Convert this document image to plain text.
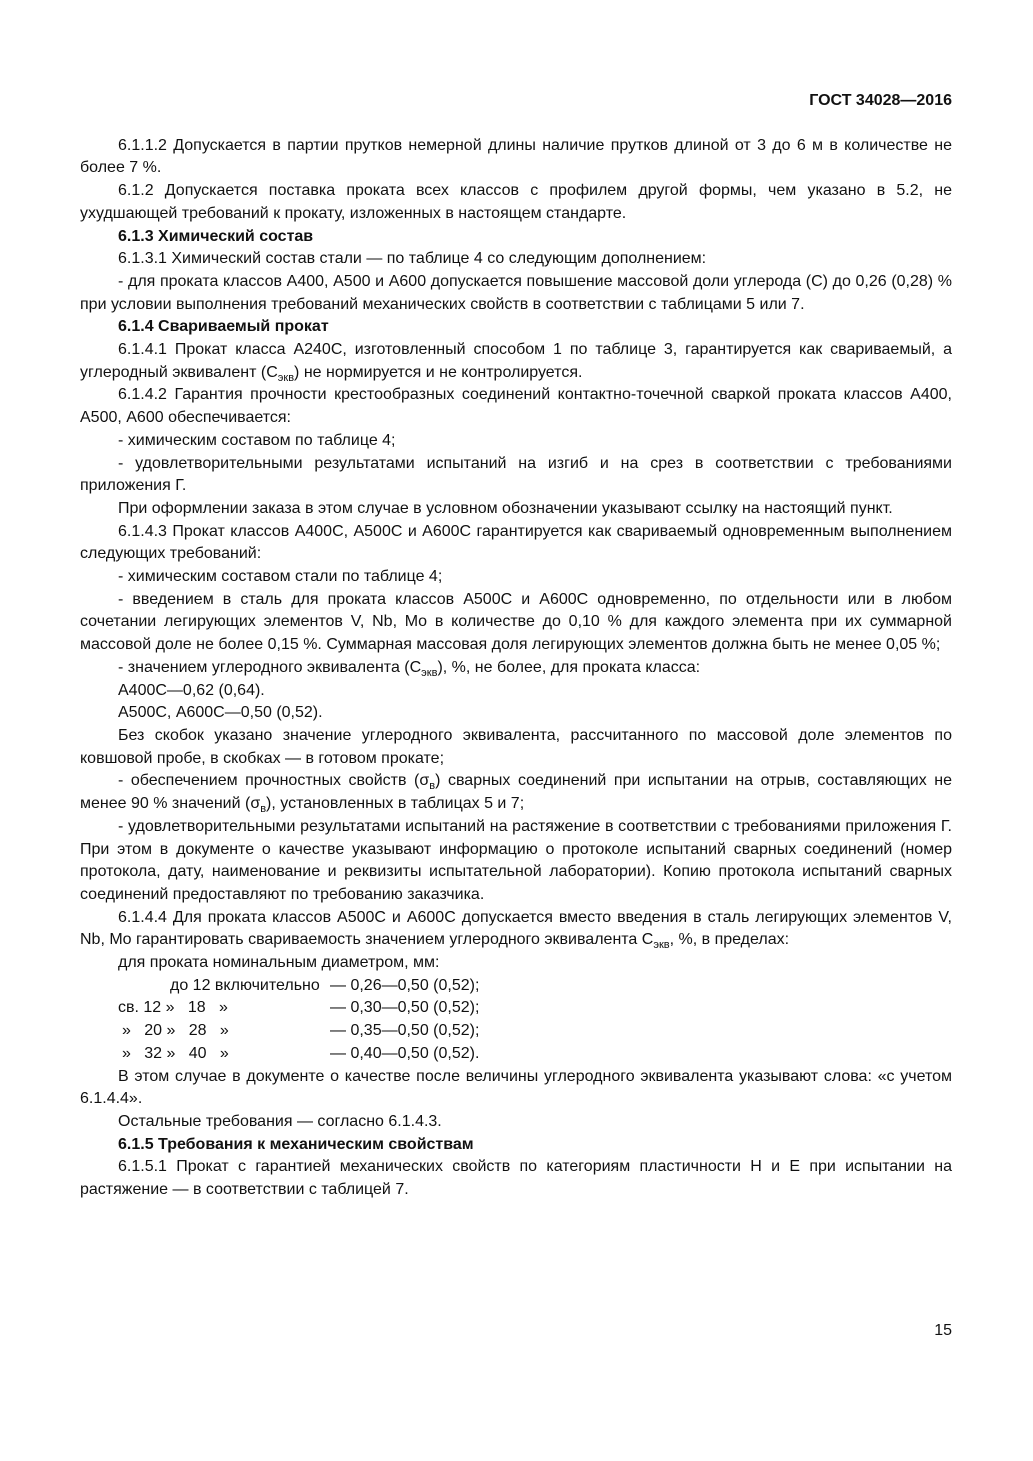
ГОСТ 34028—2016

6.1.1.2 Допускается в партии прутков немерной длины наличие прутков длиной от 3 до 6 м в количестве не более 7 %.

6.1.2 Допускается поставка проката всех классов с профилем другой формы, чем указано в 5.2, не ухудшающей требований к прокату, изложенных в настоящем стандарте.

6.1.3 Химический состав

6.1.3.1 Химический состав стали — по таблице 4 со следующим дополнением:

- для проката классов А400, А500 и А600 допускается повышение массовой доли углерода (С) до 0,26 (0,28) % при условии выполнения требований механических свойств в соответствии с таблицами 5 или 7.

6.1.4 Свариваемый прокат

6.1.4.1 Прокат класса А240С, изготовленный способом 1 по таблице 3, гарантируется как свариваемый, а углеродный эквивалент $(С_{экв})$ не нормируется и не контролируется.

6.1.4.2 Гарантия прочности крестообразных соединений контактно-точечной сваркой проката классов А400, А500, А600 обеспечивается:

- химическим составом по таблице 4;

- удовлетворительными результатами испытаний на изгиб и на срез в соответствии с требованиями приложения Г.

При оформлении заказа в этом случае в условном обозначении указывают ссылку на настоящий пункт.

6.1.4.3 Прокат классов А400С, А500С и А600С гарантируется как свариваемый одновременным выполнением следующих требований:

- химическим составом стали по таблице 4;

- введением в сталь для проката классов А500С и А600С одновременно, по отдельности или в любом сочетании легирующих элементов V, Nb, Mo в количестве до 0,10 % для каждого элемента при их суммарной массовой доле не более 0,15 %. Суммарная массовая доля легирующих элементов должна быть не менее 0,05 %;

- значением углеродного эквивалента $(С_{экв})$, %, не более, для проката класса:

А400С—0,62 (0,64).

А500С, А600С—0,50 (0,52).

Без скобок указано значение углеродного эквивалента, рассчитанного по массовой доле элементов по ковшовой пробе, в скобках — в готовом прокате;

- обеспечением прочностных свойств $(\sigma_в)$ сварных соединений при испытании на отрыв, составляющих не менее 90 % значений $(\sigma_в)$, установленных в таблицах 5 и 7;

- удовлетворительными результатами испытаний на растяжение в соответствии с требованиями приложения Г. При этом в документе о качестве указывают информацию о протоколе испытаний сварных соединений (номер протокола, дату, наименование и реквизиты испытательной лаборатории). Копию протокола испытаний сварных соединений предоставляют по требованию заказчика.

6.1.4.4 Для проката классов А500С и А600С допускается вместо введения в сталь легирующих элементов V, Nb, Mo гарантировать свариваемость значением углеродного эквивалента $С_{экв}$, %, в пределах:

для проката номинальным диаметром, мм:

до 12 включительно — 0,26—0,50 (0,52);
св. 12 »   18   »	— 0,30—0,50 (0,52);
»   20 »   28   »	— 0,35—0,50 (0,52);
»   32 »   40   »	— 0,40—0,50 (0,52).

В этом случае в документе о качестве после величины углеродного эквивалента указывают слова: «с учетом 6.1.4.4».

Остальные требования — согласно 6.1.4.3.

6.1.5 Требования к механическим свойствам

6.1.5.1 Прокат с гарантией механических свойств по категориям пластичности Н и Е при испытании на растяжение — в соответствии с таблицей 7.

15
